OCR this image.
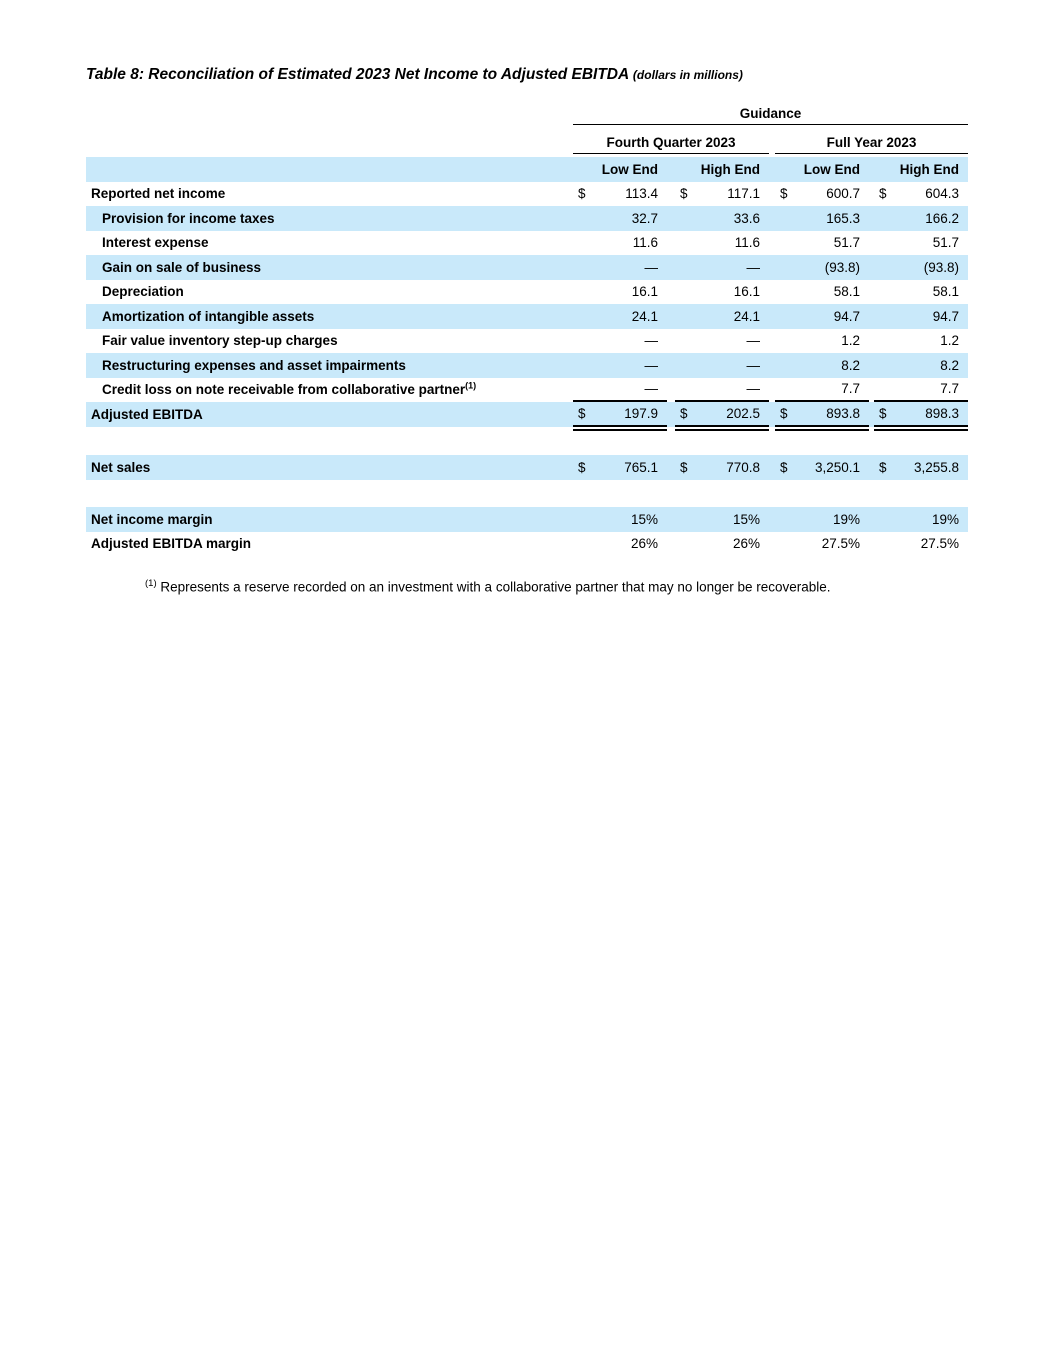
Table 8: Reconciliation of Estimated 2023 Net Income to Adjusted EBITDA (dollars in millions)
Guidance
Fourth Quarter 2023	Full Year 2023
Low End	High End	Low End	High End
Reported net income	$	113.4 $	117.1 $	600.7 $	604.3
Provision for income taxes	32.7	33.6	165.3	166.2
Interest expense	11.6	11.6	51.7	51.7
Gain on sale of business	—	—	(93.8)	(93.8)
Depreciation	16.1	16.1	58.1	58.1
Amortization of intangible assets	24.1	24.1	94.7	94.7
Fair value inventory step-up charges	—	—	1.2	1.2
Restructuring expenses and asset impairments	—	—	8.2	8.2
Credit loss on note receivable from collaborative partner$^{(1)}$	—	—	7.7	7.7
Adjusted EBITDA	$	197.9 $	202.5 $	893.8 $	898.3
Net sales	$	765.1 $	770.8 $ 3,250.1 $ 3,255.8
Net income margin	15%	15%	19%	19%
Adjusted EBITDA margin	26%	26%	27.5%	27.5%

$^{(1)}$ Represents a reserve recorded on an investment with a collaborative partner that may no longer be recoverable.
